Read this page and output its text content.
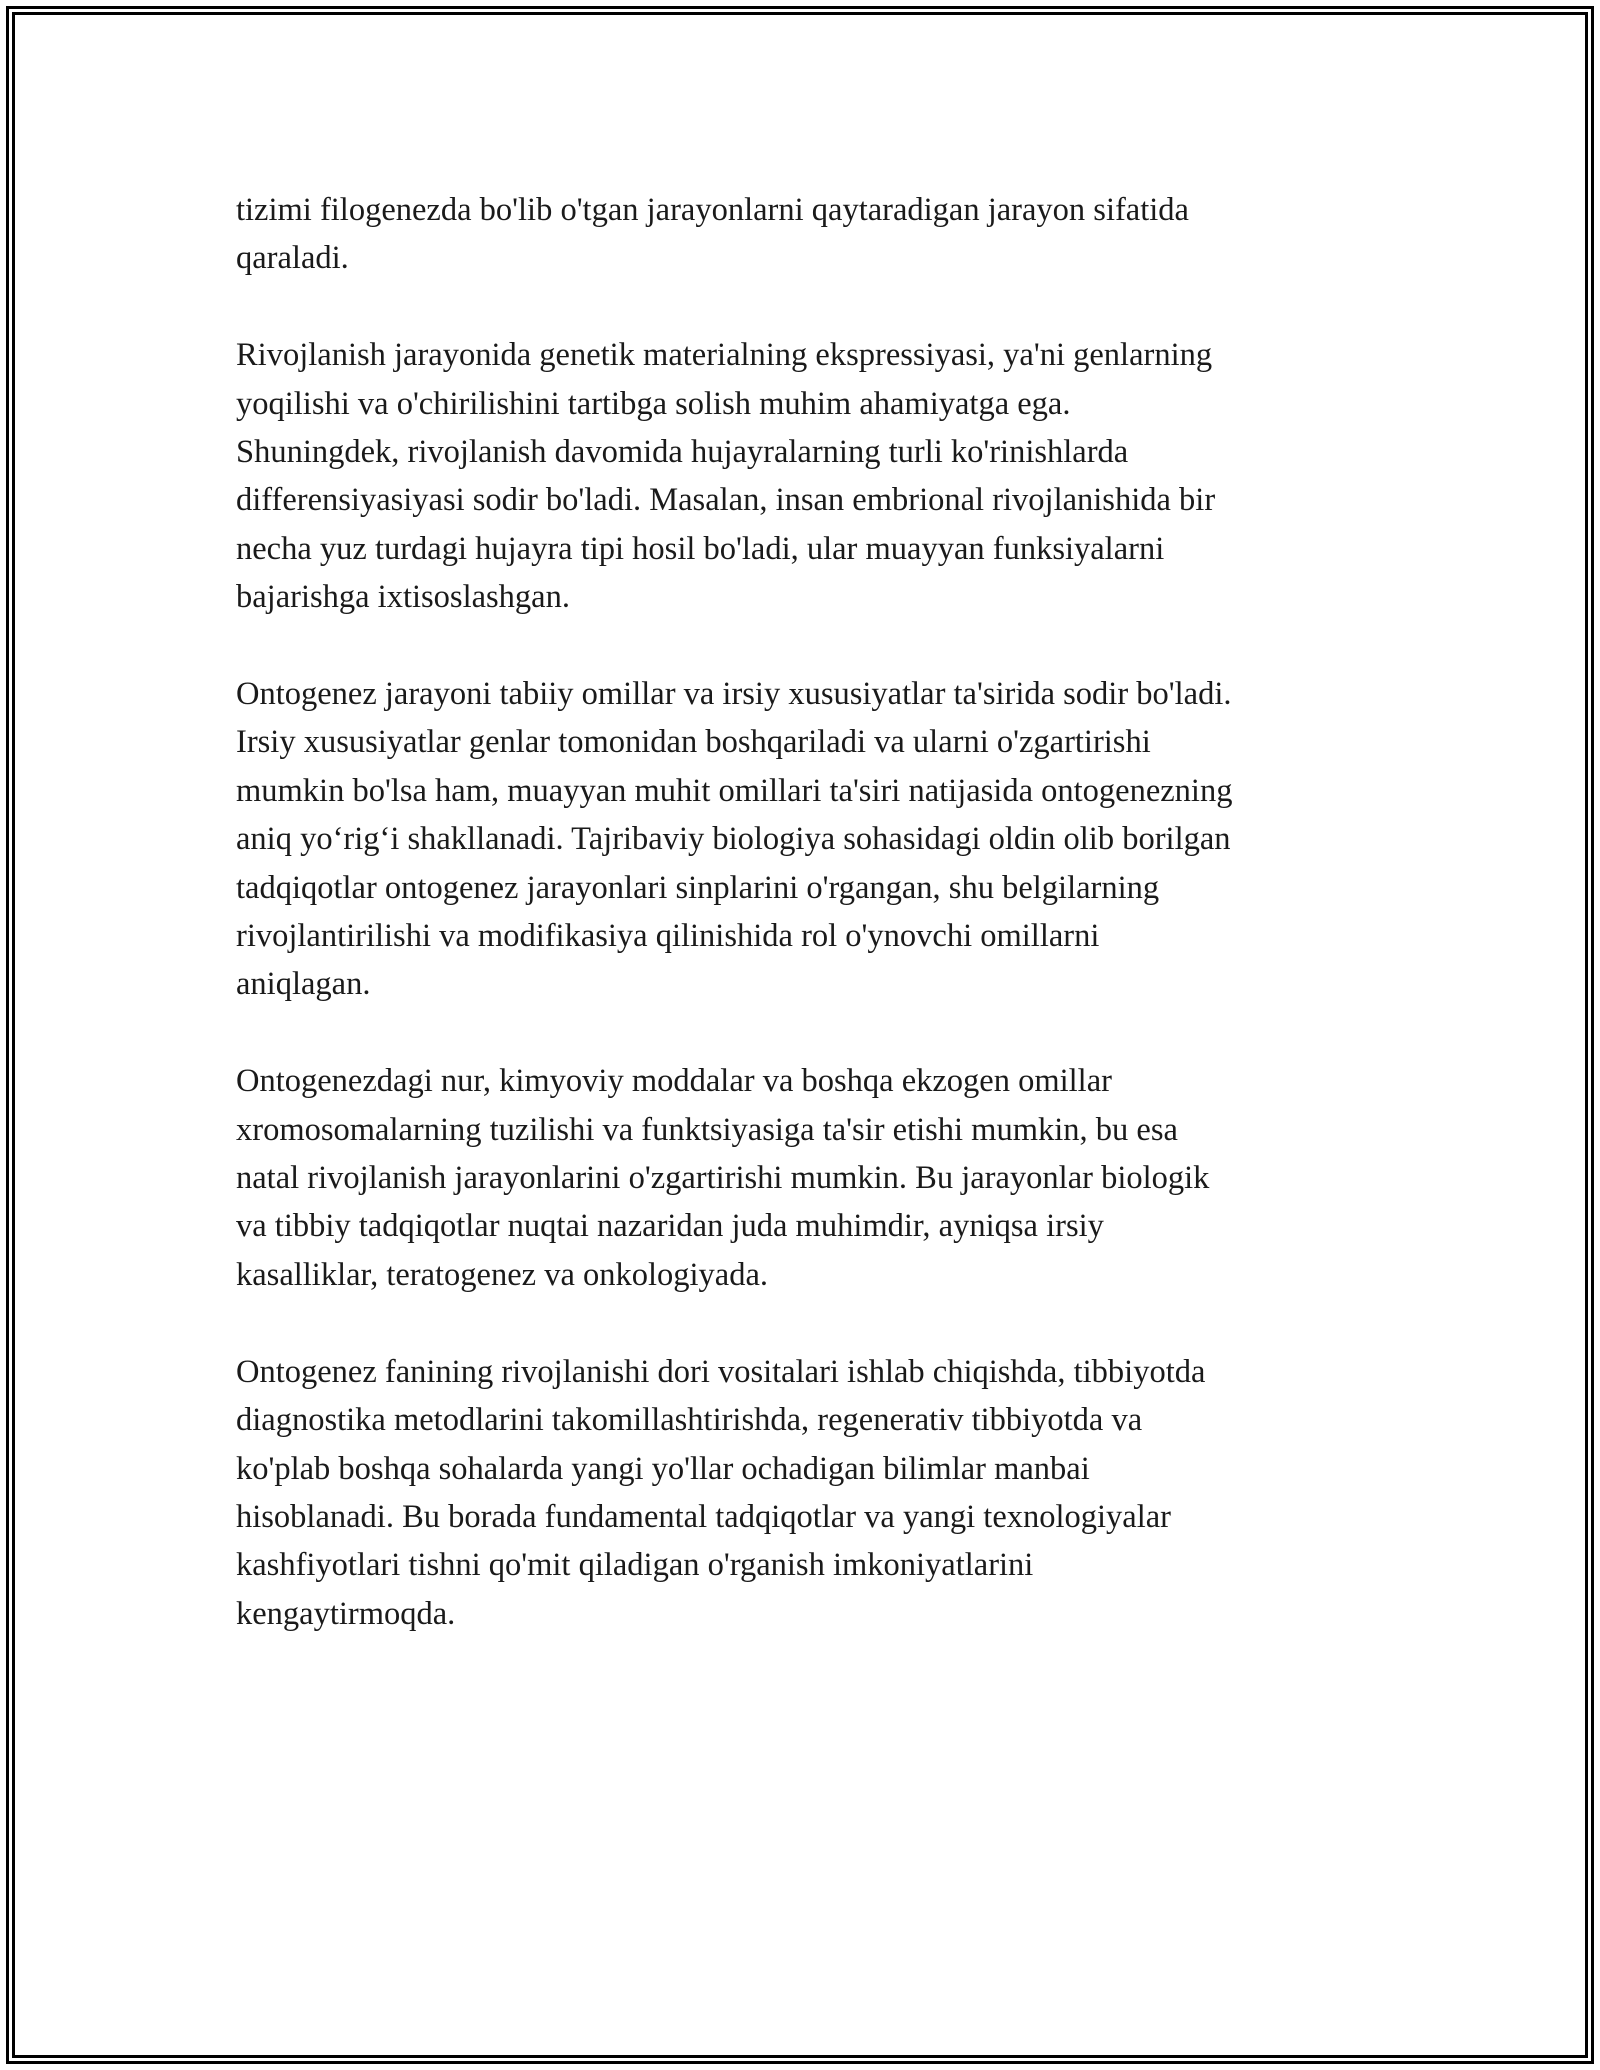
tizimi filogenezda bo'lib o'tgan jarayonlarni qaytaradigan jarayon sifatida
qaraladi.

Rivojlanish jarayonida genetik materialning ekspressiyasi, ya'ni genlarning
yoqilishi va o'chirilishini tartibga solish muhim ahamiyatga ega.
Shuningdek, rivojlanish davomida hujayralarning turli ko'rinishlarda
differensiyasiyasi sodir bo'ladi. Masalan, insan embrional rivojlanishida bir
necha yuz turdagi hujayra tipi hosil bo'ladi, ular muayyan funksiyalarni
bajarishga ixtisoslashgan.

Ontogenez jarayoni tabiiy omillar va irsiy xususiyatlar ta'sirida sodir bo'ladi.
Irsiy xususiyatlar genlar tomonidan boshqariladi va ularni o'zgartirishi
mumkin bo'lsa ham, muayyan muhit omillari ta'siri natijasida ontogenezning
aniq yo‘rig‘i shakllanadi. Tajribaviy biologiya sohasidagi oldin olib borilgan
tadqiqotlar ontogenez jarayonlari sinplarini o'rgangan, shu belgilarning
rivojlantirilishi va modifikasiya qilinishida rol o'ynovchi omillarni
aniqlagan.

Ontogenezdagi nur, kimyoviy moddalar va boshqa ekzogen omillar
xromosomalarning tuzilishi va funktsiyasiga ta'sir etishi mumkin, bu esa
natal rivojlanish jarayonlarini o'zgartirishi mumkin. Bu jarayonlar biologik
va tibbiy tadqiqotlar nuqtai nazaridan juda muhimdir, ayniqsa irsiy
kasalliklar, teratogenez va onkologiyada.

Ontogenez fanining rivojlanishi dori vositalari ishlab chiqishda, tibbiyotda
diagnostika metodlarini takomillashtirishda, regenerativ tibbiyotda va
ko'plab boshqa sohalarda yangi yo'llar ochadigan bilimlar manbai
hisoblanadi. Bu borada fundamental tadqiqotlar va yangi texnologiyalar
kashfiyotlari tishni qo'mit qiladigan o'rganish imkoniyatlarini
kengaytirmoqda.
